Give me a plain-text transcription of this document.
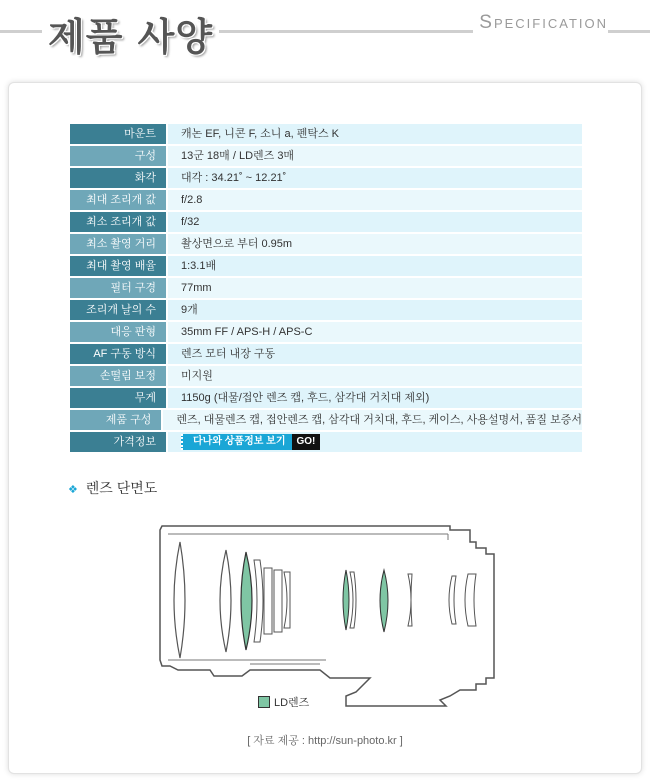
제품 사양	Specification
마운트	캐논 EF, 니콘 F, 소니 a, 펜탁스 K
구성	13군 18매 / LD렌즈 3매
화각	대각 : 34.21˚ ~ 12.21˚
최대 조리개 값	f/2.8
최소 조리개 값	f/32
최소 촬영 거리	촬상면으로 부터 0.95m
최대 촬영 배율	1:3.1배
필터 구경	77mm
조리개 날의 수	9개
대응 판형	35mm FF / APS-H / APS-C
AF 구동 방식	렌즈 모터 내장 구동
손떨림 보정	미지원
무게	1150g (대물/접안 렌즈 캡, 후드, 삼각대 거치대 제외)
제품 구성	렌즈, 대물렌즈 캡, 접안렌즈 캡, 삼각대 거치대, 후드, 케이스, 사용설명서, 품질 보증서
가격정보	다나와 상품정보 보기 GO!
❖ 렌즈 단면도
LD렌즈
[ 자료 제공 : http://sun-photo.kr ]
